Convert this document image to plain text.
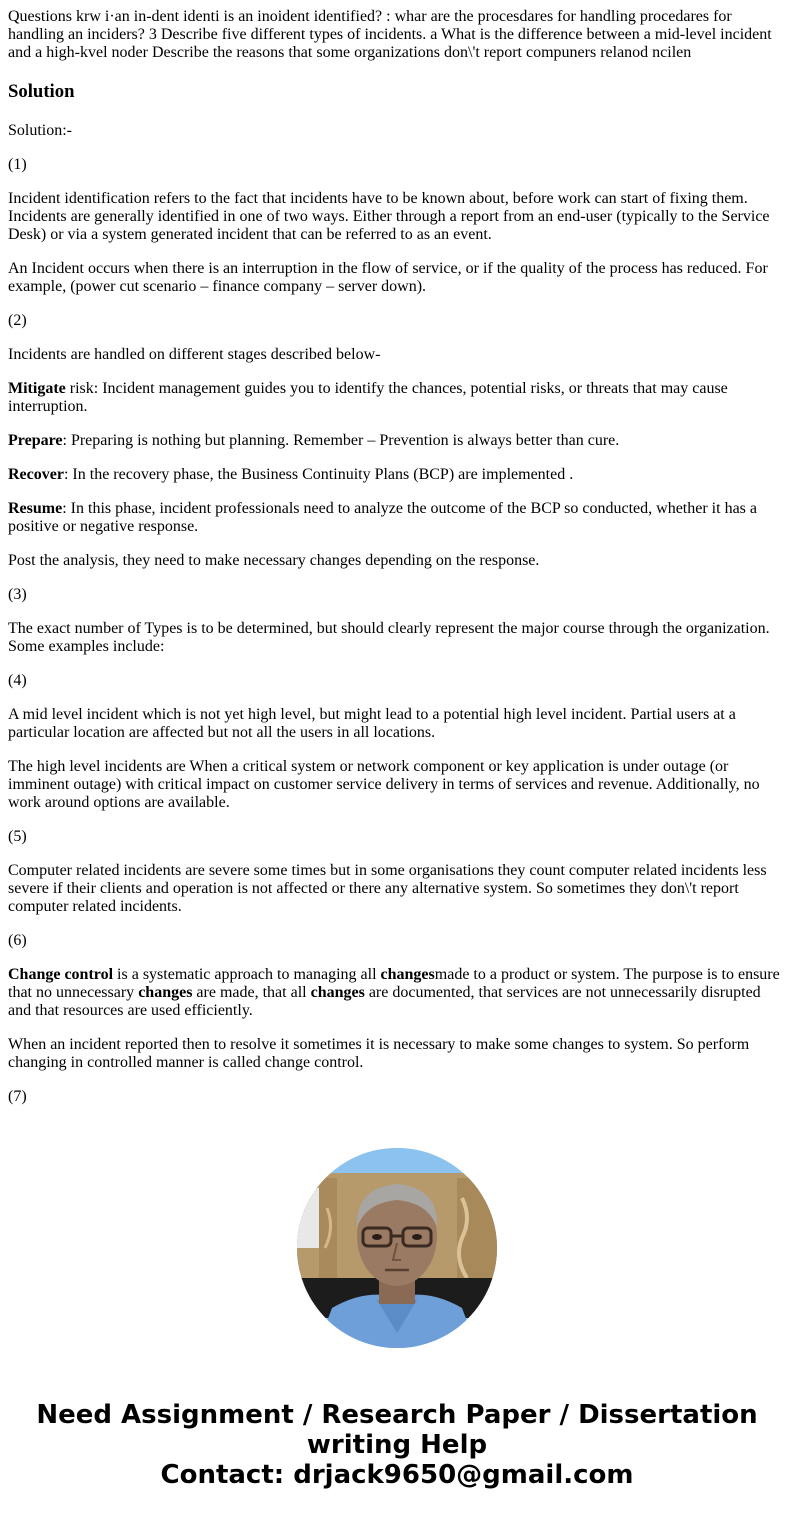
Questions krw i·an in-dent identi is an inoident identified? : whar are the procesdares for handling procedares for handling an inciders? 3 Describe five different types of incidents. a What is the difference between a mid-level incident and a high-kvel noder Describe the reasons that some organizations don\'t report compuners relanod ncilen

Solution

Solution:-

(1)

Incident identification refers to the fact that incidents have to be known about, before work can start of fixing them. Incidents are generally identified in one of two ways. Either through a report from an end-user (typically to the Service Desk) or via a system generated incident that can be referred to as an event.

An Incident occurs when there is an interruption in the flow of service, or if the quality of the process has reduced. For example, (power cut scenario – finance company – server down).

(2)

Incidents are handled on different stages described below-

Mitigate risk: Incident management guides you to identify the chances, potential risks, or threats that may cause interruption.

Prepare: Preparing is nothing but planning. Remember – Prevention is always better than cure.

Recover: In the recovery phase, the Business Continuity Plans (BCP) are implemented .

Resume: In this phase, incident professionals need to analyze the outcome of the BCP so conducted, whether it has a positive or negative response.

Post the analysis, they need to make necessary changes depending on the response.

(3)

The exact number of Types is to be determined, but should clearly represent the major course through the organization. Some examples include:

(4)

A mid level incident which is not yet high level, but might lead to a potential high level incident. Partial users at a particular location are affected but not all the users in all locations.

The high level incidents are When a critical system or network component or key application is under outage (or imminent outage) with critical impact on customer service delivery in terms of services and revenue. Additionally, no work around options are available.

(5)

Computer related incidents are severe some times but in some organisations they count computer related incidents less severe if their clients and operation is not affected or there any alternative system. So sometimes they don\'t report computer related incidents.

(6)

Change control is a systematic approach to managing all changesmade to a product or system. The purpose is to ensure that no unnecessary changes are made, that all changes are documented, that services are not unnecessarily disrupted and that resources are used efficiently.

When an incident reported then to resolve it sometimes it is necessary to make some changes to system. So perform changing in controlled manner is called change control.

(7)

Need Assignment / Research Paper / Dissertation
writing Help
Contact: drjack9650@gmail.com
